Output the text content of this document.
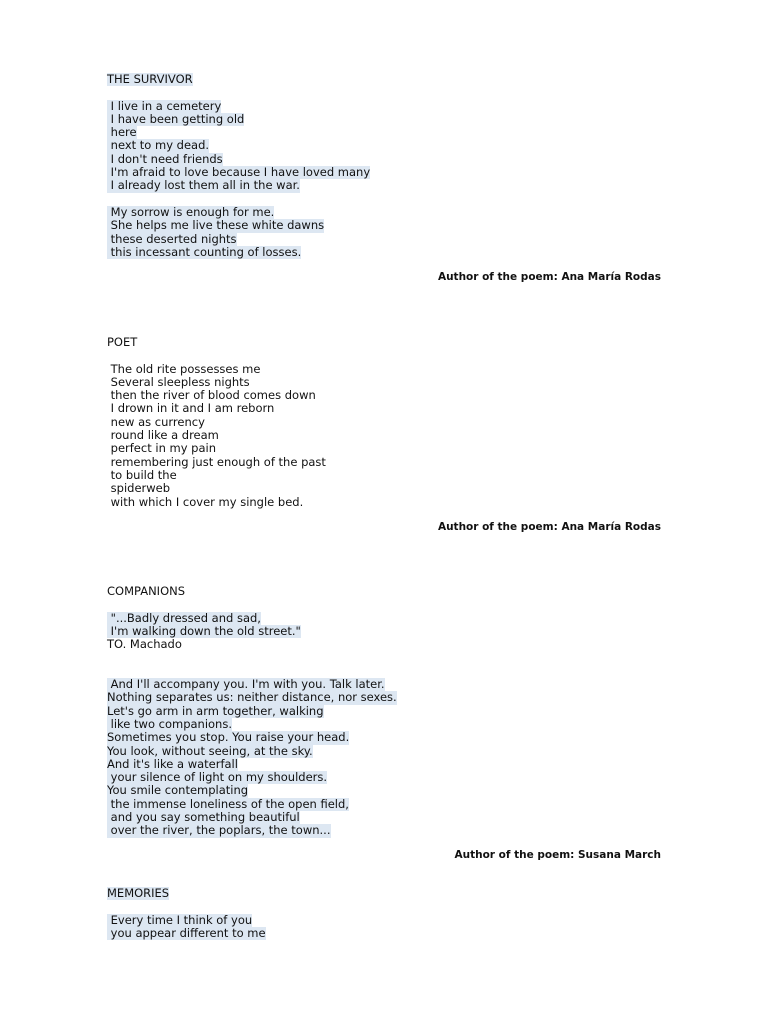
THE SURVIVOR
I live in a cemetery
I have been getting old
here
next to my dead.
I don't need friends
I'm afraid to love because I have loved many
I already lost them all in the war.
My sorrow is enough for me.
She helps me live these white dawns
these deserted nights
this incessant counting of losses.
Author of the poem: Ana María Rodas
POET
The old rite possesses me
Several sleepless nights
then the river of blood comes down
I drown in it and I am reborn
new as currency
round like a dream
perfect in my pain
remembering just enough of the past
to build the
spiderweb
with which I cover my single bed.
Author of the poem: Ana María Rodas
COMPANIONS
"...Badly dressed and sad,
I'm walking down the old street."
TO. Machado
And I'll accompany you. I'm with you. Talk later.
Nothing separates us: neither distance, nor sexes.
Let's go arm in arm together, walking
like two companions.
Sometimes you stop. You raise your head.
You look, without seeing, at the sky.
And it's like a waterfall
your silence of light on my shoulders.
You smile contemplating
the immense loneliness of the open field,
and you say something beautiful
over the river, the poplars, the town...
Author of the poem: Susana March
MEMORIES
Every time I think of you
you appear different to me
